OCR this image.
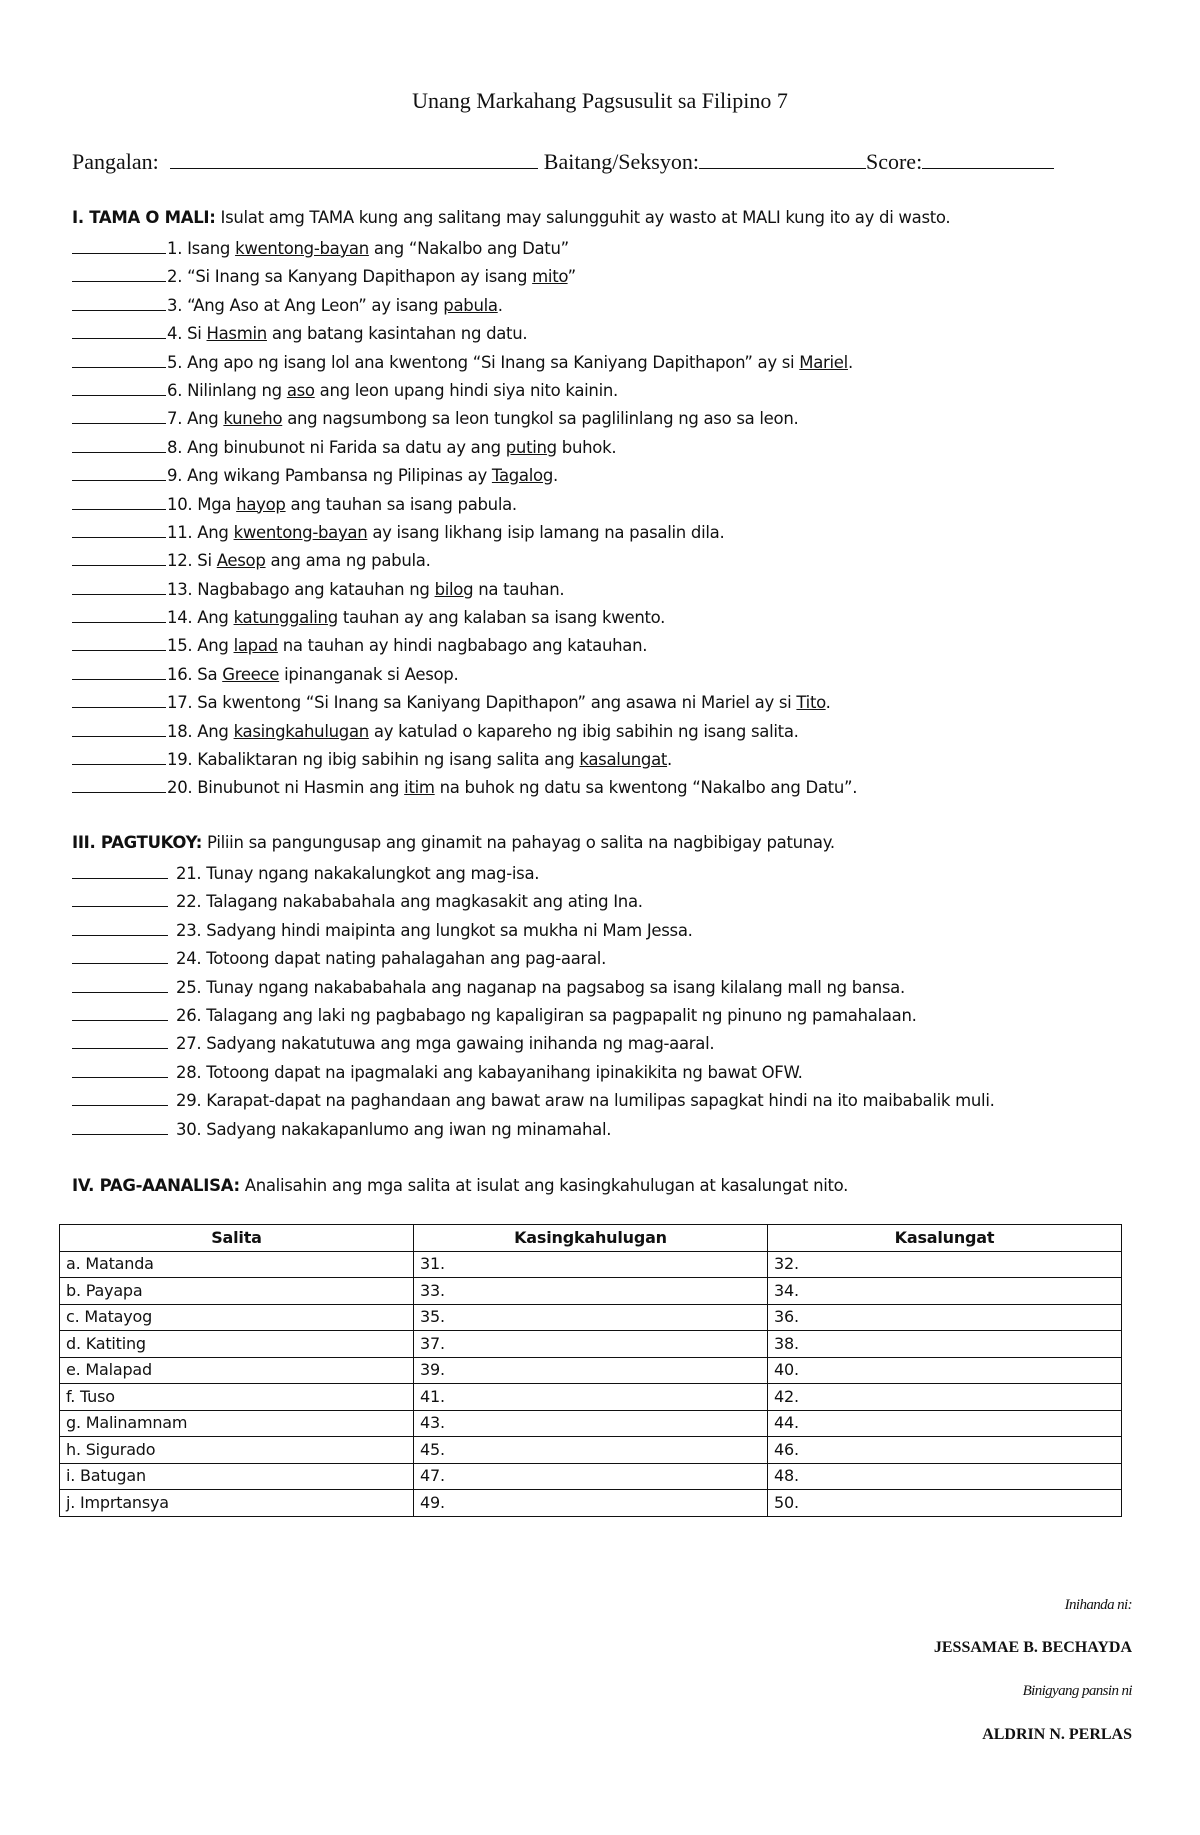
Unang Markahang Pagsusulit sa Filipino 7
Pangalan:	Baitang/Seksyon:	Score:
I. TAMA O MALI: Isulat amg TAMA kung ang salitang may salungguhit ay wasto at MALI kung ito ay di wasto.
1. Isang kwentong-bayan ang “Nakalbo ang Datu”
2. “Si Inang sa Kanyang Dapithapon ay isang mito”
3. “Ang Aso at Ang Leon” ay isang pabula.
4. Si Hasmin ang batang kasintahan ng datu.
5. Ang apo ng isang lol ana kwentong “Si Inang sa Kaniyang Dapithapon” ay si Mariel.
6. Nilinlang ng aso ang leon upang hindi siya nito kainin.
7. Ang kuneho ang nagsumbong sa leon tungkol sa paglilinlang ng aso sa leon.
8. Ang binubunot ni Farida sa datu ay ang puting buhok.
9. Ang wikang Pambansa ng Pilipinas ay Tagalog.
10. Mga hayop ang tauhan sa isang pabula.
11. Ang kwentong-bayan ay isang likhang isip lamang na pasalin dila.
12. Si Aesop ang ama ng pabula.
13. Nagbabago ang katauhan ng bilog na tauhan.
14. Ang katunggaling tauhan ay ang kalaban sa isang kwento.
15. Ang lapad na tauhan ay hindi nagbabago ang katauhan.
16. Sa Greece ipinanganak si Aesop.
17. Sa kwentong “Si Inang sa Kaniyang Dapithapon” ang asawa ni Mariel ay si Tito.
18. Ang kasingkahulugan ay katulad o kapareho ng ibig sabihin ng isang salita.
19. Kabaliktaran ng ibig sabihin ng isang salita ang kasalungat.
20. Binubunot ni Hasmin ang itim na buhok ng datu sa kwentong “Nakalbo ang Datu”.
III. PAGTUKOY: Piliin sa pangungusap ang ginamit na pahayag o salita na nagbibigay patunay.
21. Tunay ngang nakakalungkot ang mag-isa.
22. Talagang nakababahala ang magkasakit ang ating Ina.
23. Sadyang hindi maipinta ang lungkot sa mukha ni Mam Jessa.
24. Totoong dapat nating pahalagahan ang pag-aaral.
25. Tunay ngang nakababahala ang naganap na pagsabog sa isang kilalang mall ng bansa.
26. Talagang ang laki ng pagbabago ng kapaligiran sa pagpapalit ng pinuno ng pamahalaan.
27. Sadyang nakatutuwa ang mga gawaing inihanda ng mag-aaral.
28. Totoong dapat na ipagmalaki ang kabayanihang ipinakikita ng bawat OFW.
29. Karapat-dapat na paghandaan ang bawat araw na lumilipas sapagkat hindi na ito maibabalik muli.
30. Sadyang nakakapanlumo ang iwan ng minamahal.
IV. PAG-AANALISA: Analisahin ang mga salita at isulat ang kasingkahulugan at kasalungat nito.
Salita	Kasingkahulugan	Kasalungat
a. Matanda	31.	32.
b. Payapa	33.	34.
c. Matayog	35.	36.
d. Katiting	37.	38.
e. Malapad	39.	40.
f. Tuso	41.	42.
g. Malinamnam	43.	44.
h. Sigurado	45.	46.
i. Batugan	47.	48.
j. Imprtansya	49.	50.
Inihanda ni:
JESSAMAE B. BECHAYDA
Binigyang pansin ni
ALDRIN N. PERLAS
